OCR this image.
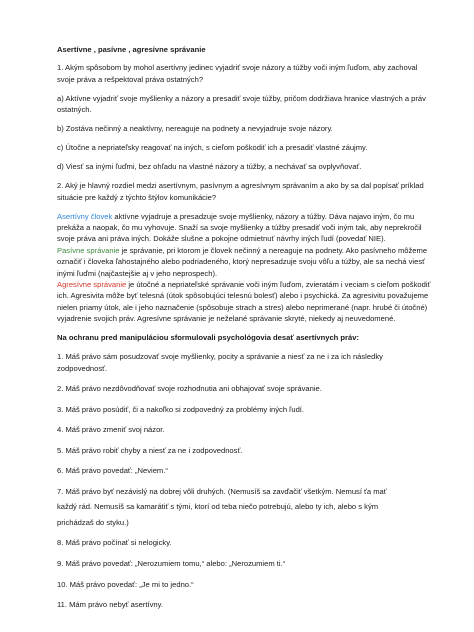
Asertívne , pasívne , agresívne správanie

1. Akým spôsobom by mohol asertívny jedinec vyjadriť svoje názory a túžby voči iným ľuďom, aby zachoval svoje práva a rešpektoval práva ostatných?

a) Aktívne vyjadriť svoje myšlienky a názory a presadiť svoje túžby, pričom dodržiava hranice vlastných a práv ostatných.

b) Zostáva nečinný a neaktívny, nereaguje na podnety a nevyjadruje svoje názory.

c) Útočne a nepriateľsky reagovať na iných, s cieľom poškodiť ich a presadiť vlastné záujmy.

d) Viesť sa inými ľuďmi, bez ohľadu na vlastné názory a túžby, a nechávať sa ovplyvňovať.

2. Aký je hlavný rozdiel medzi asertívnym, pasívnym a agresívnym správaním a ako by sa dal popísať príklad situácie pre každý z týchto štýlov komunikácie?

Asertívny človek aktívne vyjadruje a presadzuje svoje myšlienky, názory a túžby. Dáva najavo iným, čo mu prekáža a naopak, čo mu vyhovuje. Snaží sa svoje myšlienky a túžby presadiť voči iným tak, aby neprekročil svoje práva ani práva iných. Dokáže slušne a pokojne odmietnuť návrhy iných ľudí (povedať NIE).

Pasívne správanie je správanie, pri ktorom je človek nečinný a nereaguje na podnety. Ako pasívneho môžeme označiť i človeka ľahostajného alebo podriadeného, ktorý nepresadzuje svoju vôľu a túžby, ale sa nechá viesť inými ľuďmi (najčastejšie aj v jeho neprospech).

Agresívne správanie je útočné a nepriateľské správanie voči iným ľuďom, zvieratám i veciam s cieľom poškodiť ich. Agresivita môže byť telesná (útok spôsobujúci telesnú bolesť) alebo i psychická. Za agresivitu považujeme nielen priamy útok, ale i jeho naznačenie (spôsobuje strach a stres) alebo neprimerané (napr. hrubé či útočné) vyjadrenie svojich práv. Agresívne správanie je neželané správanie skryté, niekedy aj neuvedomené.

Na ochranu pred manipuláciou sformulovali psychológovia desať asertívnych práv:

1. Máš právo sám posudzovať svoje myšlienky, pocity a správanie a niesť za ne i za ich následky zodpovednosť.

2. Máš právo nezdôvodňovať svoje rozhodnutia ani obhajovať svoje správanie.

3. Máš právo posúdiť, či a nakoľko si zodpovedný za problémy iných ľudí.

4. Máš právo zmeniť svoj názor.

5. Máš právo robiť chyby a niesť za ne i zodpovednosť.

6. Máš právo povedať: „Neviem.“

7. Máš právo byť nezávislý na dobrej vôli druhých. (Nemusíš sa zavďačiť všetkým. Nemusí ťa mať

každý rád. Nemusíš sa kamarátiť s tými, ktorí od teba niečo potrebujú, alebo ty ich, alebo s kým

prichádzaš do styku.)

8. Máš právo počínať si nelogicky.

9. Máš právo povedať: „Nerozumiem tomu,“ alebo: „Nerozumiem ti.“

10. Máš právo povedať: „Je mi to jedno.“

11. Mám právo nebyť asertívny.
